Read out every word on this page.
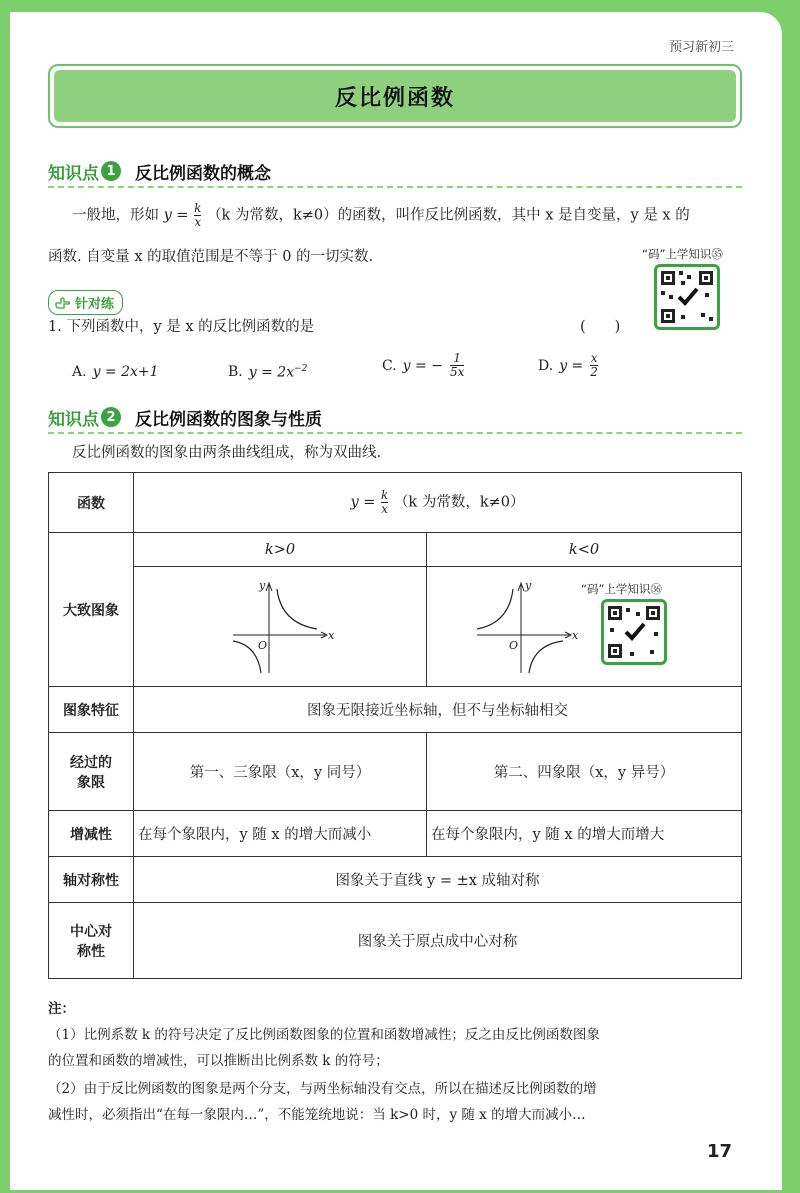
预习新初三
反比例函数
知识点 1	反比例函数的概念
一般地，形如 $y = \frac{k}{x} (k$ 为常数，k≠0）的函数，叫作反比例函数，其中 x 是自变量，y 是 x 的
函数. 自变量 x 的取值范围是不等于 0 的一切实数.	“码”上学知识㉟
针对练
1. 下列函数中，y 是 x 的反比例函数的是	(　　)
A. y = 2x+1	B. $y = 2x^{-2}$	C. y = − $\frac{1}{5x}$	D. $y = \frac{x}{2}$
知识点 2	反比例函数的图象与性质
反比例函数的图象由两条曲线组成，称为双曲线.
函数	$y = \frac{k}{x} (k$ 为常数，k≠0）	
大致图象	k>0	k<0

x
y
O	x
y
O
“码”上学知识㊱

图象特征	图象无限接近坐标轴，但不与坐标轴相交	
经过的
象限	第一、三象限（x，y 同号）	第二、四象限（x，y 异号）
增减性	在每个象限内，y 随 x 的增大而减小	在每个象限内，y 随 x 的增大而增大
轴对称性	图象关于直线 y = ±x 成轴对称	
中心对
称性	图象关于原点成中心对称	
注：
（1）比例系数 k 的符号决定了反比例函数图象的位置和函数增减性；反之由反比例函数图象
的位置和函数的增减性，可以推断出比例系数 k 的符号；
（2）由于反比例函数的图象是两个分支，与两坐标轴没有交点，所以在描述反比例函数的增
减性时，必须指出“在每一象限内…”，不能笼统地说：当 k>0 时，y 随 x 的增大而减小…
17
